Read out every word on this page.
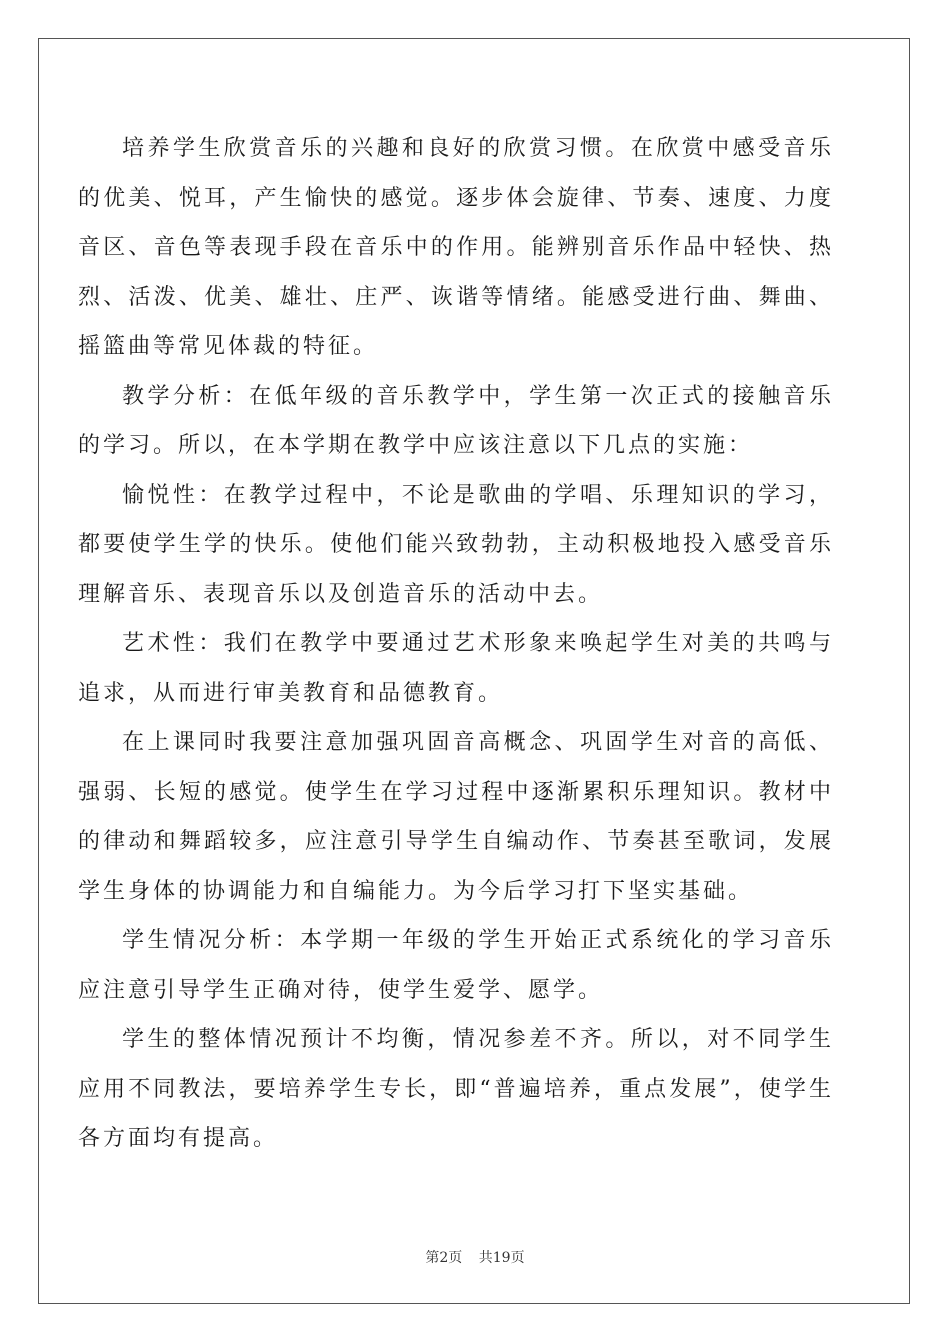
培养学生欣赏音乐的兴趣和良好的欣赏习惯。在欣赏中感受音乐的优美、悦耳，产生愉快的感觉。逐步体会旋律、节奏、速度、力度音区、音色等表现手段在音乐中的作用。能辨别音乐作品中轻快、热烈、活泼、优美、雄壮、庄严、诙谐等情绪。能感受进行曲、舞曲、摇篮曲等常见体裁的特征。

教学分析：在低年级的音乐教学中，学生第一次正式的接触音乐的学习。所以，在本学期在教学中应该注意以下几点的实施：

愉悦性：在教学过程中，不论是歌曲的学唱、乐理知识的学习，都要使学生学的快乐。使他们能兴致勃勃，主动积极地投入感受音乐理解音乐、表现音乐以及创造音乐的活动中去。

艺术性：我们在教学中要通过艺术形象来唤起学生对美的共鸣与追求，从而进行审美教育和品德教育。

在上课同时我要注意加强巩固音高概念、巩固学生对音的高低、强弱、长短的感觉。使学生在学习过程中逐渐累积乐理知识。教材中的律动和舞蹈较多，应注意引导学生自编动作、节奏甚至歌词，发展学生身体的协调能力和自编能力。为今后学习打下坚实基础。

学生情况分析：本学期一年级的学生开始正式系统化的学习音乐应注意引导学生正确对待，使学生爱学、愿学。

学生的整体情况预计不均衡，情况参差不齐。所以，对不同学生应用不同教法，要培养学生专长，即“普遍培养，重点发展”，使学生各方面均有提高。

第2页 共19页
